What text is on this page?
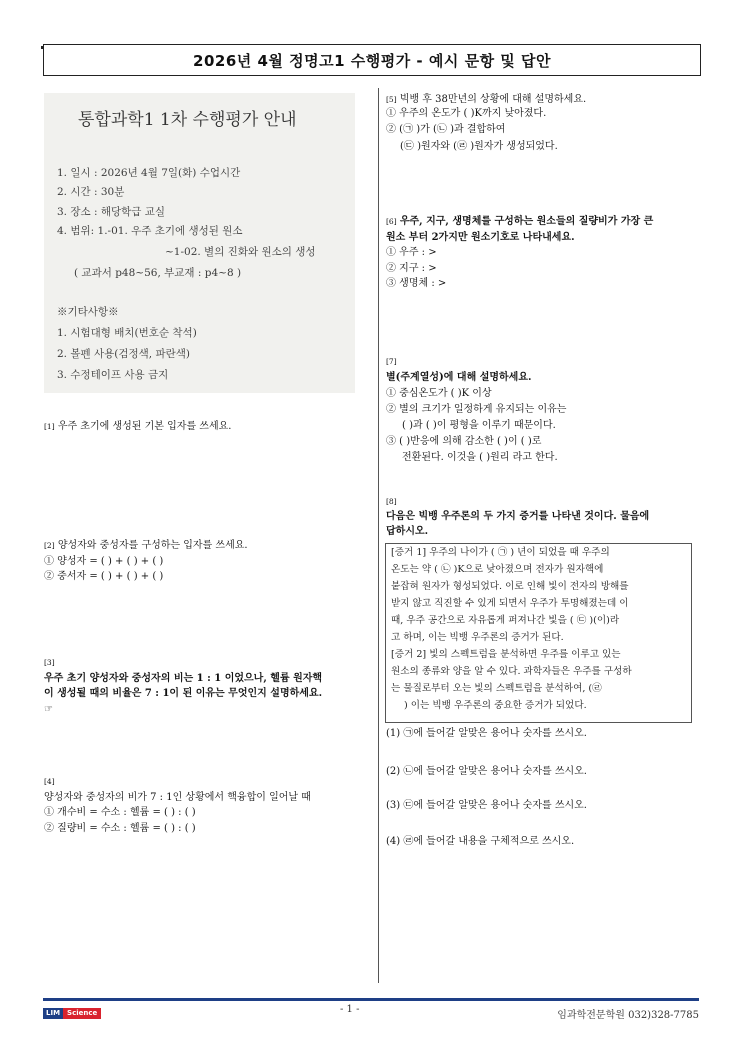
2026년 4월 정명고1 수행평가 - 예시 문항 및 답안
통합과학1 1차 수행평가 안내
1. 일시 : 2026년 4월 7일(화) 수업시간
2. 시간 : 30분
3. 장소 : 해당학급 교실
4. 범위: 1.-01. 우주 초기에 생성된 원소
~1-02. 별의 진화와 원소의 생성
( 교과서 p48~56, 부교재 : p4~8 )
※기타사항※
1. 시험대형 배치(번호순 착석)
2. 볼펜 사용(검정색, 파란색)
3. 수정테이프 사용 금지
[1] 우주 초기에 생성된 기본 입자를 쓰세요.
[2] 양성자와 중성자를 구성하는 입자를 쓰세요.
① 양성자 = ( ) + ( ) + ( )
② 중서자 = ( ) + ( ) + ( )
[3]
우주 초기 양성자와 중성자의 비는 1 : 1 이었으나, 헬륨 원자핵
이 생성될 때의 비율은 7 : 1이 된 이유는 무엇인지 설명하세요.
☞
[4]
양성자와 중성자의 비가 7 : 1인 상황에서 핵융합이 일어날 때
① 개수비 = 수소 : 헬륨 = ( ) : ( )
② 질량비 = 수소 : 헬륨 = ( ) : ( )
[5] 빅뱅 후 38만년의 상황에 대해 설명하세요.
① 우주의 온도가 ( )K까지 낮아졌다.
② (㉠ )가 (㉡ )과 결합하여
(㉢ )원자와 (㉣ )원자가 생성되었다.
[6] 우주, 지구, 생명체를 구성하는 원소들의 질량비가 가장 큰
원소 부터 2가지만 원소기호로 나타내세요.
① 우주 : >
② 지구 : >
③ 생명체 : >
[7]
별(주계열성)에 대해 설명하세요.
① 중심온도가 ( )K 이상
② 별의 크기가 일정하게 유지되는 이유는
( )과 ( )이 평형을 이루기 때문이다.
③ ( )반응에 의해 감소한 ( )이 ( )로
전환된다. 이것을 ( )원리 라고 한다.
[8]
다음은 빅뱅 우주론의 두 가지 증거를 나타낸 것이다. 물음에
답하시오.
[증거 1] 우주의 나이가 ( ㉠ ) 년이 되었을 때 우주의
온도는 약 ( ㉡ )K으로 낮아졌으며 전자가 원자핵에
붙잡혀 원자가 형성되었다. 이로 인해 빛이 전자의 방해를
받지 않고 직진할 수 있게 되면서 우주가 투명해졌는데 이
때, 우주 공간으로 자유롭게 퍼져나간 빛을 ( ㉢ )(이)라
고 하며, 이는 빅뱅 우주론의 증거가 된다.
[증거 2] 빛의 스펙트럼을 분석하면 우주를 이루고 있는
원소의 종류와 양을 알 수 있다. 과학자들은 우주를 구성하
는 물질로부터 오는 빛의 스펙트럼을 분석하여, (㉣
) 이는 빅뱅 우주론의 중요한 증거가 되었다.
(1) ㉠에 들어갈 알맞은 용어나 숫자를 쓰시오.
(2) ㉡에 들어갈 알맞은 용어나 숫자를 쓰시오.
(3) ㉢에 들어갈 알맞은 용어나 숫자를 쓰시오.
(4) ㉣에 들어갈 내용을 구체적으로 쓰시오.
LIM	Science	- 1 -
임과학전문학원 032)328-7785
